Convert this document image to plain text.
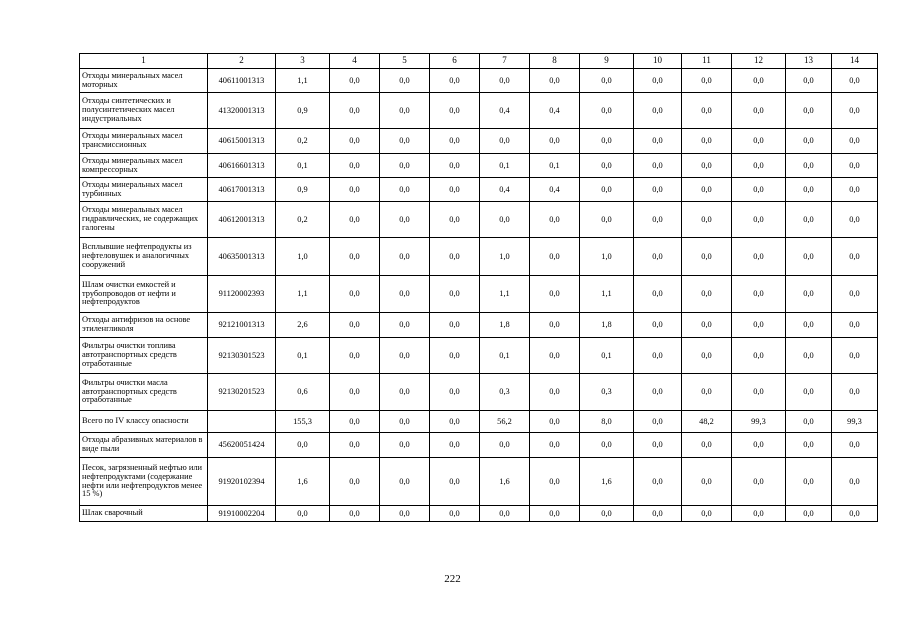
1	2	3	4	5	6	7	8	9	10	11	12	13	14
Отходы минеральных масел моторных	40611001313	1,1	0,0	0,0	0,0	0,0	0,0	0,0	0,0	0,0	0,0	0,0	0,0
Отходы синтетических и полусинтетических масел индустриальных	41320001313	0,9	0,0	0,0	0,0	0,4	0,4	0,0	0,0	0,0	0,0	0,0	0,0
Отходы минеральных масел трансмиссионных	40615001313	0,2	0,0	0,0	0,0	0,0	0,0	0,0	0,0	0,0	0,0	0,0	0,0
Отходы минеральных масел компрессорных	40616601313	0,1	0,0	0,0	0,0	0,1	0,1	0,0	0,0	0,0	0,0	0,0	0,0
Отходы минеральных масел турбинных	40617001313	0,9	0,0	0,0	0,0	0,4	0,4	0,0	0,0	0,0	0,0	0,0	0,0
Отходы минеральных масел гидравлических, не содержащих галогены	40612001313	0,2	0,0	0,0	0,0	0,0	0,0	0,0	0,0	0,0	0,0	0,0	0,0
Всплывшие нефтепродукты из нефтеловушек и аналогичных сооружений	40635001313	1,0	0,0	0,0	0,0	1,0	0,0	1,0	0,0	0,0	0,0	0,0	0,0
Шлам очистки емкостей и трубопроводов от нефти и нефтепродуктов	91120002393	1,1	0,0	0,0	0,0	1,1	0,0	1,1	0,0	0,0	0,0	0,0	0,0
Отходы антифризов на основе этиленгликоля	92121001313	2,6	0,0	0,0	0,0	1,8	0,0	1,8	0,0	0,0	0,0	0,0	0,0
Фильтры очистки топлива автотранспортных средств отработанные	92130301523	0,1	0,0	0,0	0,0	0,1	0,0	0,1	0,0	0,0	0,0	0,0	0,0
Фильтры очистки масла автотранспортных средств отработанные	92130201523	0,6	0,0	0,0	0,0	0,3	0,0	0,3	0,0	0,0	0,0	0,0	0,0
Всего по IV классу опасности		155,3	0,0	0,0	0,0	56,2	0,0	8,0	0,0	48,2	99,3	0,0	99,3
Отходы абразивных материалов в виде пыли	45620051424	0,0	0,0	0,0	0,0	0,0	0,0	0,0	0,0	0,0	0,0	0,0	0,0
Песок, загрязненный нефтью или нефтепродуктами (содержание нефти или нефтепродуктов менее 15 %)	91920102394	1,6	0,0	0,0	0,0	1,6	0,0	1,6	0,0	0,0	0,0	0,0	0,0
Шлак сварочный	91910002204	0,0	0,0	0,0	0,0	0,0	0,0	0,0	0,0	0,0	0,0	0,0	0,0
222
